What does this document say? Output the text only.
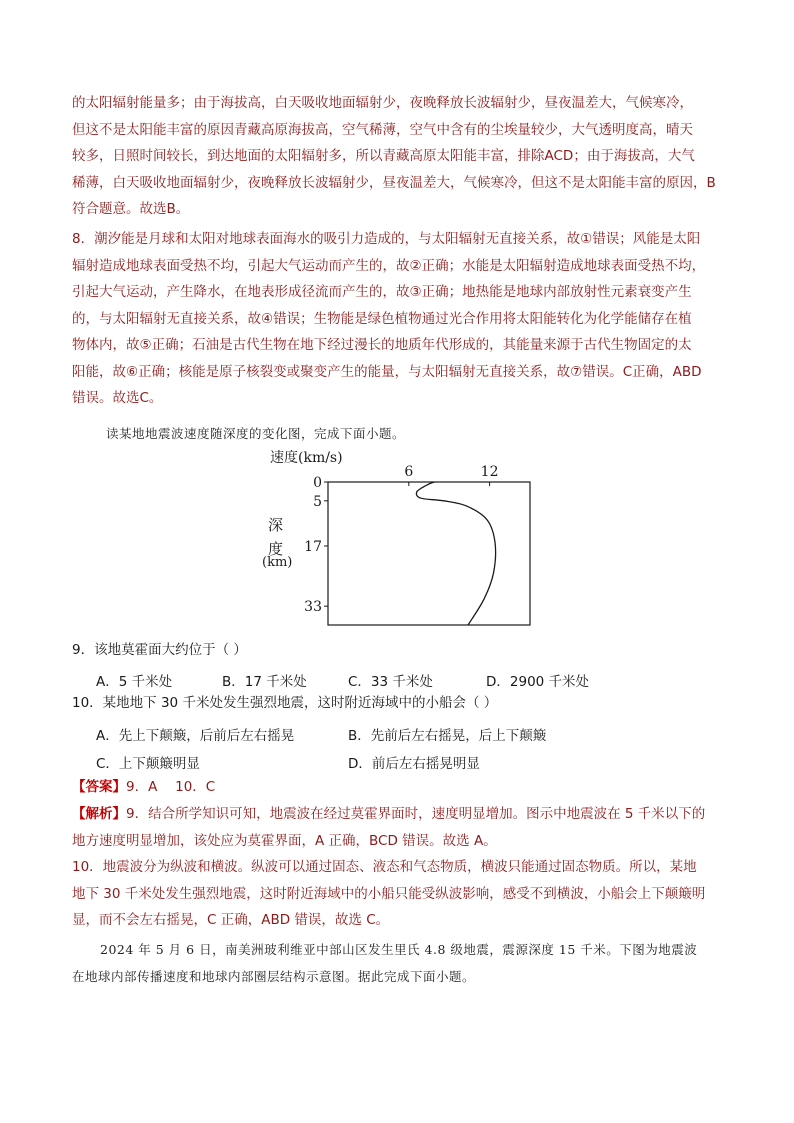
的太阳辐射能量多；由于海拔高，白天吸收地面辐射少，夜晚释放长波辐射少，昼夜温差大，气候寒冷，

但这不是太阳能丰富的原因青藏高原海拔高，空气稀薄，空气中含有的尘埃量较少，大气透明度高，晴天

较多，日照时间较长，到达地面的太阳辐射多，所以青藏高原太阳能丰富，排除ACD；由于海拔高，大气

稀薄，白天吸收地面辐射少，夜晚释放长波辐射少，昼夜温差大，气候寒冷，但这不是太阳能丰富的原因，B

符合题意。故选B。

8．潮汐能是月球和太阳对地球表面海水的吸引力造成的，与太阳辐射无直接关系，故①错误；风能是太阳

辐射造成地球表面受热不均，引起大气运动而产生的，故②正确；水能是太阳辐射造成地球表面受热不均，

引起大气运动，产生降水，在地表形成径流而产生的，故③正确；地热能是地球内部放射性元素衰变产生

的，与太阳辐射无直接关系，故④错误；生物能是绿色植物通过光合作用将太阳能转化为化学能储存在植

物体内，故⑤正确；石油是古代生物在地下经过漫长的地质年代形成的，其能量来源于古代生物固定的太

阳能，故⑥正确；核能是原子核裂变或聚变产生的能量，与太阳辐射无直接关系，故⑦错误。C正确，ABD

错误。故选C。

读某地地震波速度随深度的变化图，完成下面小题。
速度(km/s)
6	12
0
5
17
33
深
度
(km)
9．该地莫霍面大约位于（ ）
A．5 千米处	B．17 千米处	C．33 千米处	D．2900 千米处
10．某地地下 30 千米处发生强烈地震，这时附近海域中的小船会（ ）
A．先上下颠簸，后前后左右摇晃	B．先前后左右摇晃，后上下颠簸
C．上下颠簸明显	D．前后左右摇晃明显

【答案】9．A　 10．C

【解析】9．结合所学知识可知，地震波在经过莫霍界面时，速度明显增加。图示中地震波在 5 千米以下的

地方速度明显增加，该处应为莫霍界面，A 正确，BCD 错误。故选 A。

10．地震波分为纵波和横波。纵波可以通过固态、液态和气态物质，横波只能通过固态物质。所以，某地

地下 30 千米处发生强烈地震，这时附近海域中的小船只能受纵波影响，感受不到横波，小船会上下颠簸明

显，而不会左右摇晃，C 正确，ABD 错误，故选 C。

2024 年 5 月 6 日，南美洲玻利维亚中部山区发生里氏 4.8 级地震，震源深度 15 千米。下图为地震波
在地球内部传播速度和地球内部圈层结构示意图。据此完成下面小题。
